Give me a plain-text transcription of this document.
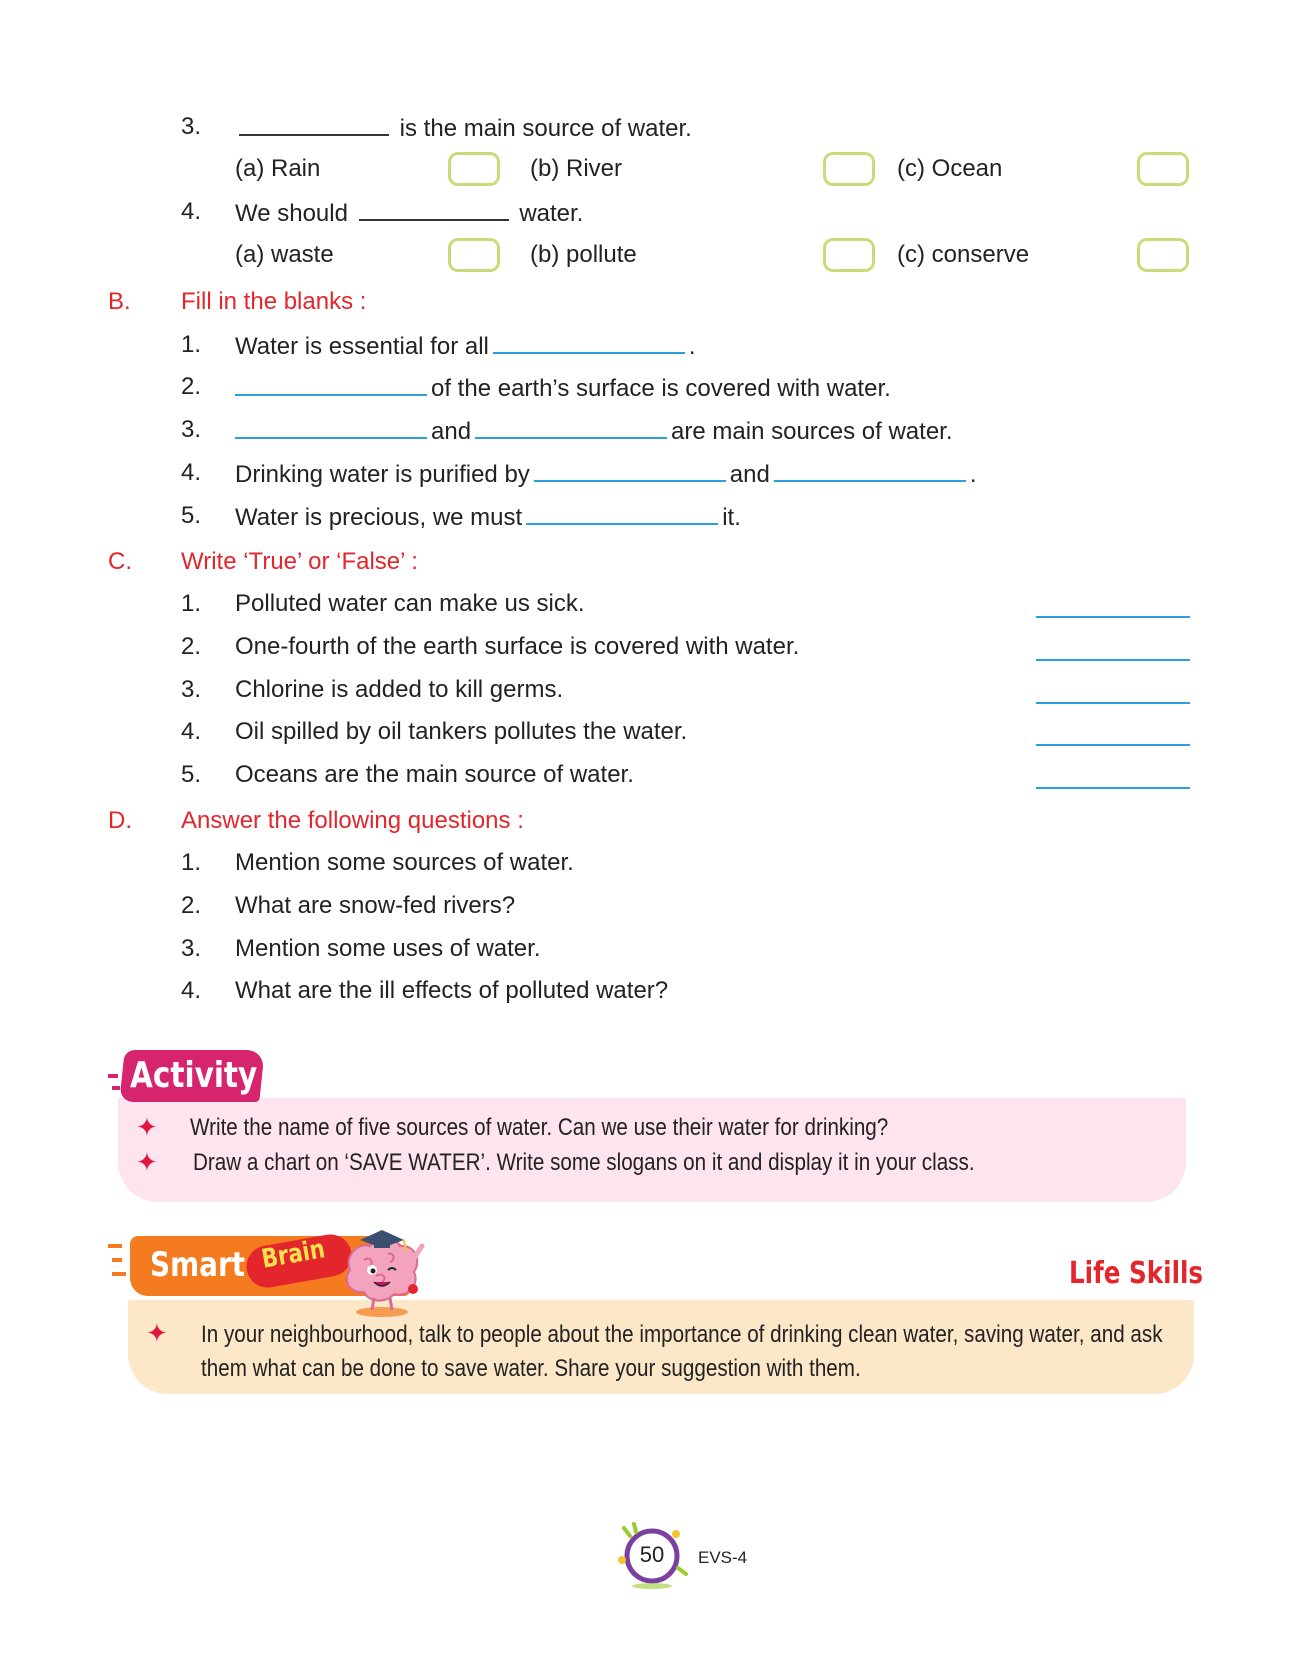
3.	is the main source of water.
(a) Rain	(b) River	(c) Ocean
4.	We should	water.
(a) waste	(b) pollute	(c) conserve
B. Fill in the blanks :
1. Water is essential for all	.
2.	of the earth’s surface is covered with water.
3.	and	are main sources of water.
4. Drinking water is purified by	and	.
5. Water is precious, we must	it.
C. Write ‘True’ or ‘False’ :
1. Polluted water can make us sick.
2. One-fourth of the earth surface is covered with water.
3. Chlorine is added to kill germs.
4. Oil spilled by oil tankers pollutes the water.
5. Oceans are the main source of water.
D. Answer the following questions :
1. Mention some sources of water.
2. What are snow-fed rivers?
3. Mention some uses of water.
4. What are the ill effects of polluted water?
Activity
✦ Write the name of five sources of water. Can we use their water for drinking?
✦ Draw a chart on ‘SAVE WATER’. Write some slogans on it and display it in your class.
Smart Brain	Life Skills
✦ In your neighbourhood, talk to people about the importance of drinking clean water, saving water, and ask
them what can be done to save water. Share your suggestion with them.
50	EVS-4
